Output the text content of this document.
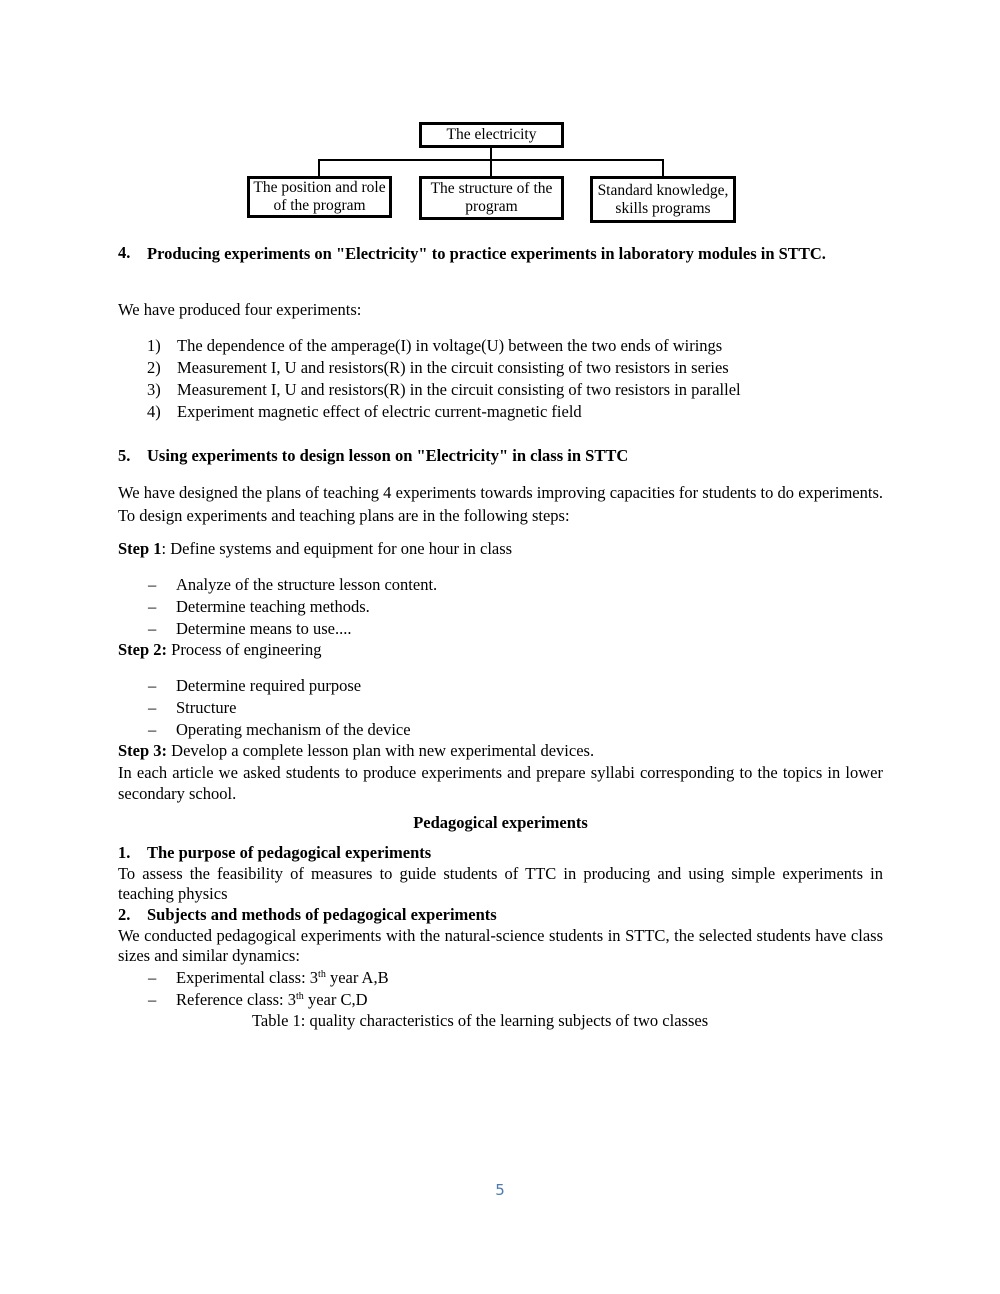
The electricity
The position and role of the program
The structure of the program
Standard knowledge, skills programs
4. Producing experiments on "Electricity" to practice experiments in laboratory modules in STTC.
We have produced four experiments:
1) The dependence of the amperage(I) in voltage(U) between the two ends of wirings
2) Measurement I, U and resistors(R) in the circuit consisting of two resistors in series
3) Measurement I, U and resistors(R) in the circuit consisting of two resistors in parallel
4) Experiment magnetic effect of electric current-magnetic field
5. Using experiments to design lesson on "Electricity" in class in STTC
We have designed the plans of teaching 4 experiments towards improving capacities for students to do experiments. To design experiments and teaching plans are in the following steps:
Step 1: Define systems and equipment for one hour in class
– Analyze of the structure lesson content.
– Determine teaching methods.
– Determine means to use....
Step 2: Process of engineering
– Determine required purpose
– Structure
– Operating mechanism of the device
Step 3: Develop a complete lesson plan with new experimental devices.
In each article we asked students to produce experiments and prepare syllabi corresponding to the topics in lower secondary school.
Pedagogical experiments
1. The purpose of pedagogical experiments
To assess the feasibility of measures to guide students of TTC in producing and using simple experiments in teaching physics
2. Subjects and methods of pedagogical experiments
We conducted pedagogical experiments with the natural-science students in STTC, the selected students have class sizes and similar dynamics:
– Experimental class: 3th year A,B
– Reference class: 3th year C,D
Table 1: quality characteristics of the learning subjects of two classes
5
